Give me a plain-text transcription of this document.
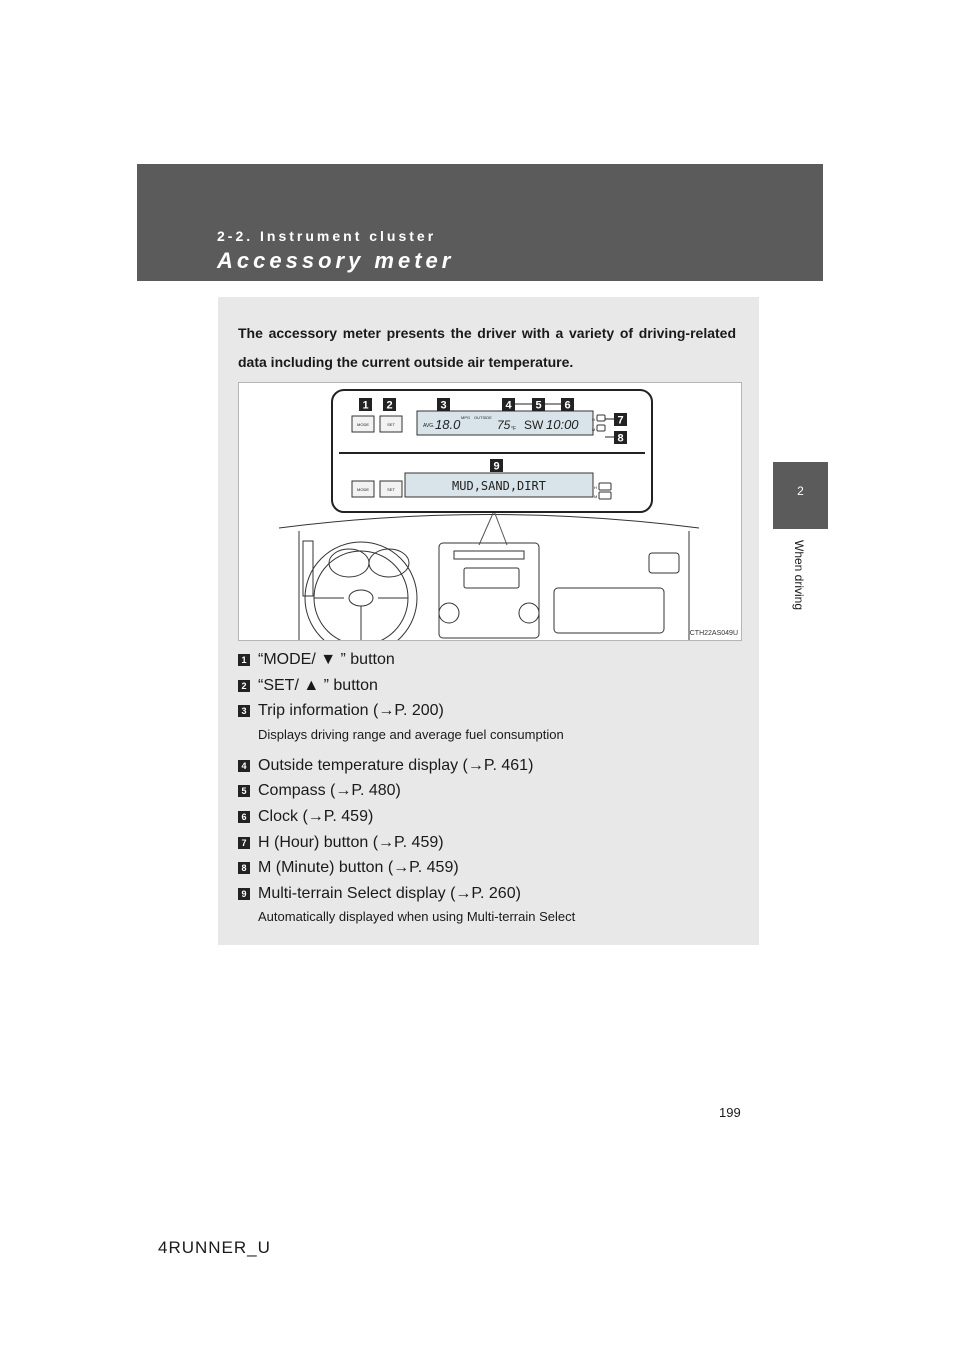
2-2. Instrument cluster
Accessory meter
2
When driving
The accessory meter presents the driver with a variety of driving-related data including the current outside air temperature.
MODE	SET	AVG. 18.0 MPG OUTSIDE
75 °F SW 10:00	H
M
MODE	SET	MUD,SAND,DIRT	H
M
1 2	3	4 5 6
7
8
9
CTH22AS049U
1 “MODE/ ▼ ” button
2 “SET/ ▲ ” button
3 Trip information (→P. 200)
Displays driving range and average fuel consumption
4 Outside temperature display (→P. 461)
5 Compass (→P. 480)
6 Clock (→P. 459)
7 H (Hour) button (→P. 459)
8 M (Minute) button (→P. 459)
9 Multi-terrain Select display (→P. 260)
Automatically displayed when using Multi-terrain Select
199
4RUNNER_U
